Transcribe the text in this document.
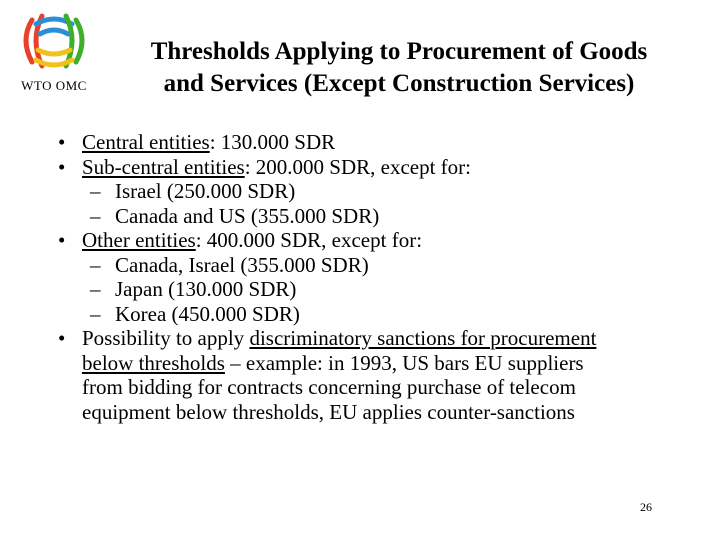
WTO OMC
Thresholds Applying to Procurement of Goods
and Services (Except Construction Services)
• Central entities: 130.000 SDR
• Sub-central entities: 200.000 SDR, except for:
– Israel (250.000 SDR)
– Canada and US (355.000 SDR)
• Other entities: 400.000 SDR, except for:
– Canada, Israel (355.000 SDR)
– Japan (130.000 SDR)
– Korea (450.000 SDR)
• Possibility to apply discriminatory sanctions for procurement
below thresholds – example: in 1993, US bars EU suppliers
from bidding for contracts concerning purchase of telecom
equipment below thresholds, EU applies counter-sanctions
26
